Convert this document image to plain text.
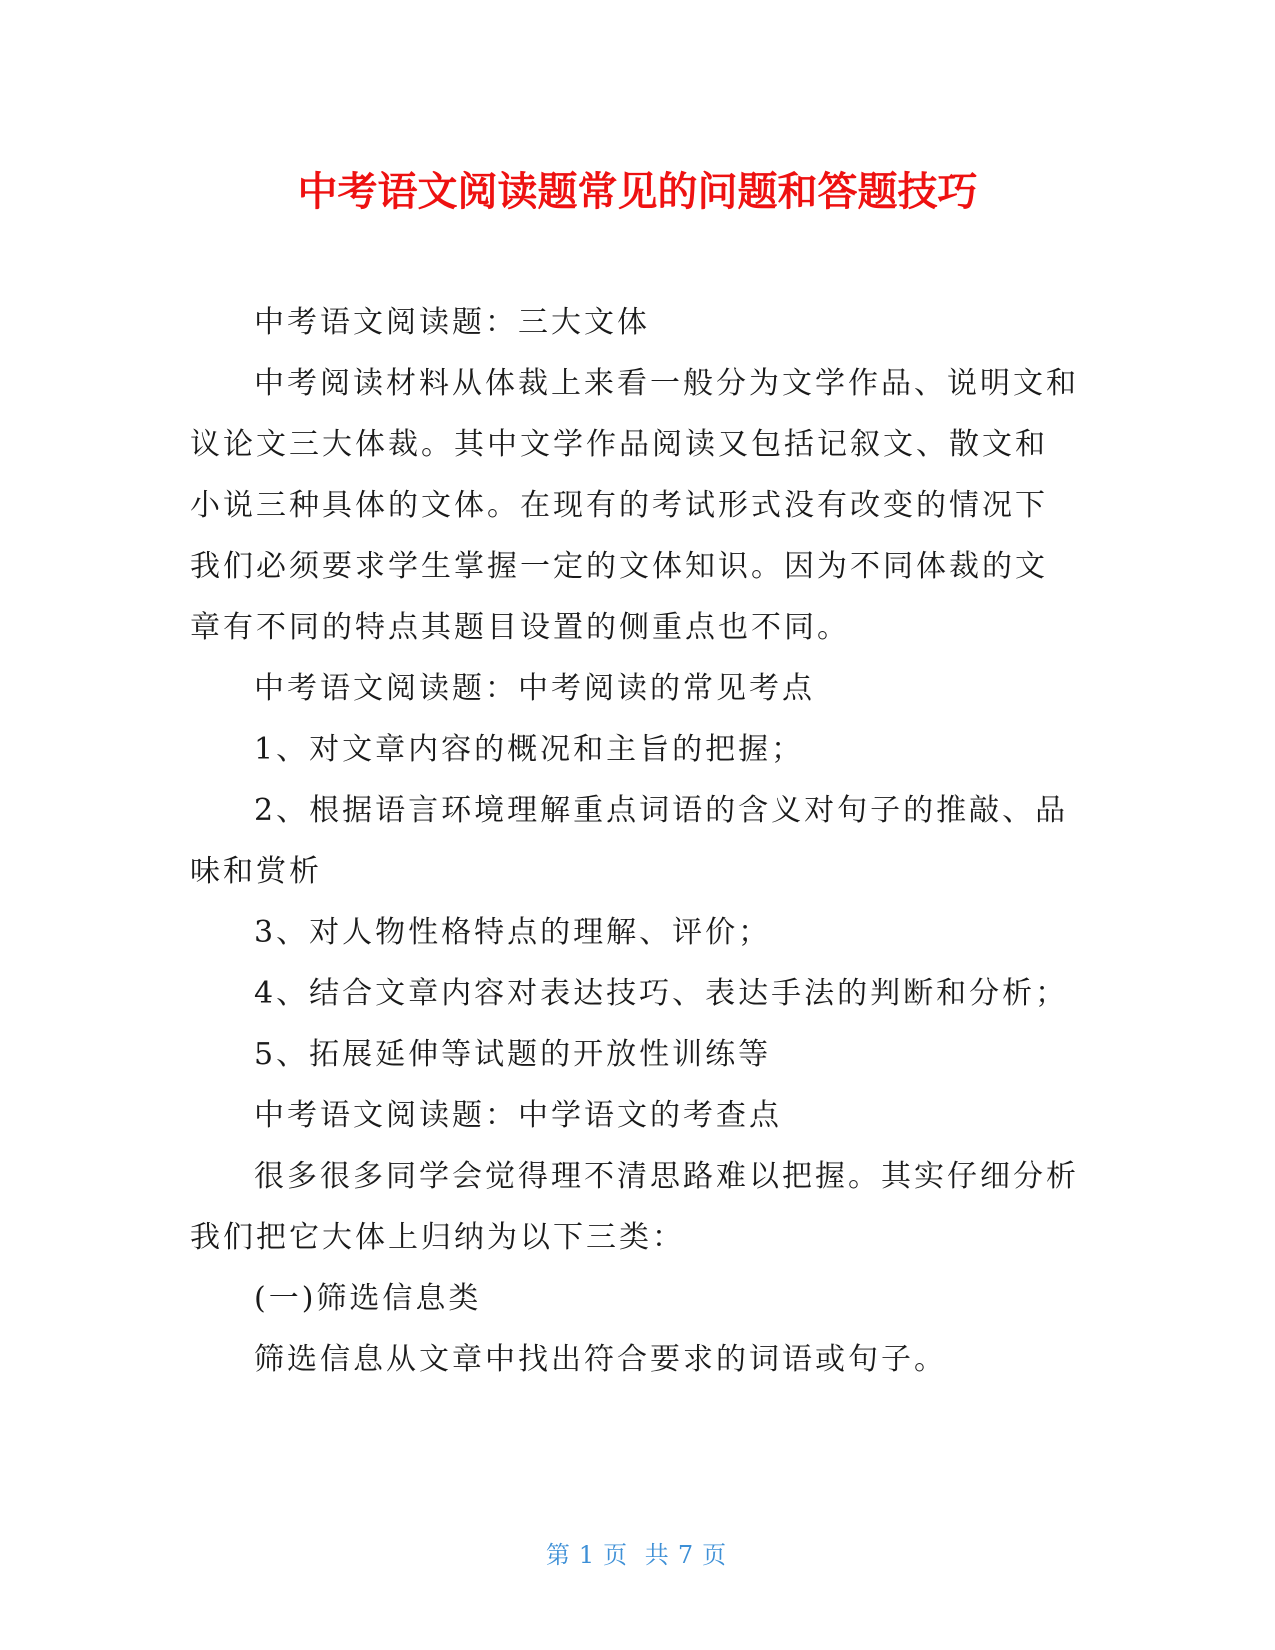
中考语文阅读题常见的问题和答题技巧

中考语文阅读题：三大文体

中考阅读材料从体裁上来看一般分为文学作品、说明文和议论文三大体裁。其中文学作品阅读又包括记叙文、散文和小说三种具体的文体。在现有的考试形式没有改变的情况下我们必须要求学生掌握一定的文体知识。因为不同体裁的文章有不同的特点其题目设置的侧重点也不同。

中考语文阅读题：中考阅读的常见考点

1、对文章内容的概况和主旨的把握；

2、根据语言环境理解重点词语的含义对句子的推敲、品味和赏析

3、对人物性格特点的理解、评价；

4、结合文章内容对表达技巧、表达手法的判断和分析；

5、拓展延伸等试题的开放性训练等

中考语文阅读题：中学语文的考查点

很多很多同学会觉得理不清思路难以把握。其实仔细分析我们把它大体上归纳为以下三类：

(一)筛选信息类

筛选信息从文章中找出符合要求的词语或句子。

第 1 页 共 7 页
